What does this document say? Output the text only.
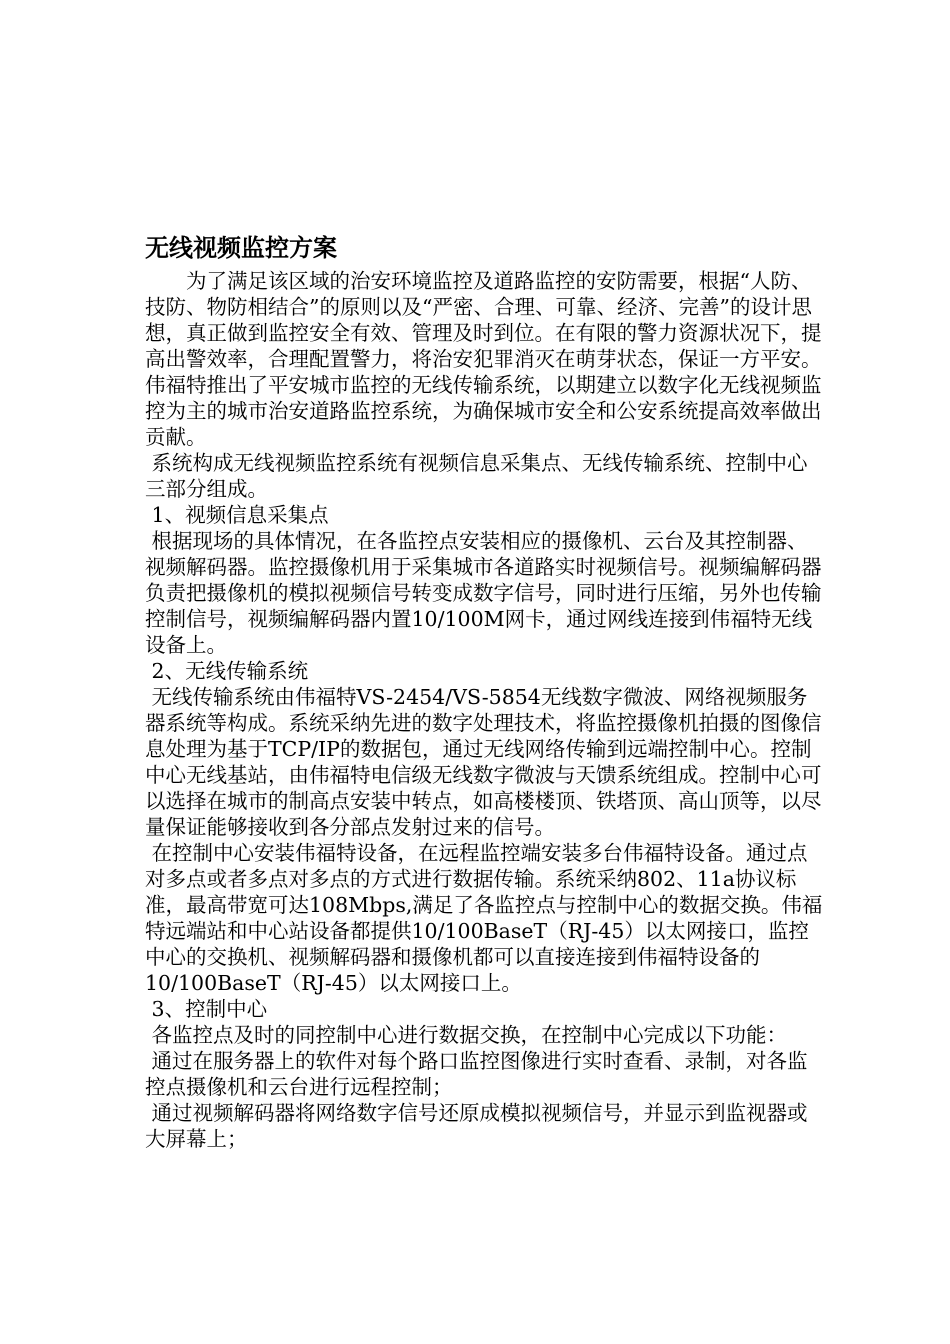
无线视频监控方案
　　为了满足该区域的治安环境监控及道路监控的安防需要，根据“人防、技防、物防相结合”的原则以及“严密、合理、可靠、经济、完善”的设计思想，真正做到监控安全有效、管理及时到位。在有限的警力资源状况下，提高出警效率，合理配置警力，将治安犯罪消灭在萌芽状态，保证一方平安。伟福特推出了平安城市监控的无线传输系统，以期建立以数字化无线视频监控为主的城市治安道路监控系统，为确保城市安全和公安系统提高效率做出贡献。
系统构成无线视频监控系统有视频信息采集点、无线传输系统、控制中心三部分组成。
1、视频信息采集点
根据现场的具体情况，在各监控点安装相应的摄像机、云台及其控制器、视频解码器。监控摄像机用于采集城市各道路实时视频信号。视频编解码器负责把摄像机的模拟视频信号转变成数字信号，同时进行压缩，另外也传输控制信号，视频编解码器内置10/100M网卡，通过网线连接到伟福特无线设备上。
2、无线传输系统
无线传输系统由伟福特VS-2454/VS-5854无线数字微波、网络视频服务器系统等构成。系统采纳先进的数字处理技术，将监控摄像机拍摄的图像信息处理为基于TCP/IP的数据包，通过无线网络传输到远端控制中心。控制中心无线基站，由伟福特电信级无线数字微波与天馈系统组成。控制中心可以选择在城市的制高点安装中转点，如高楼楼顶、铁塔顶、高山顶等，以尽量保证能够接收到各分部点发射过来的信号。
在控制中心安装伟福特设备，在远程监控端安装多台伟福特设备。通过点对多点或者多点对多点的方式进行数据传输。系统采纳802、11a协议标准，最高带宽可达108Mbps,满足了各监控点与控制中心的数据交换。伟福特远端站和中心站设备都提供10/100BaseT（RJ-45）以太网接口，监控中心的交换机、视频解码器和摄像机都可以直接连接到伟福特设备的10/100BaseT（RJ-45）以太网接口上。
3、控制中心
各监控点及时的同控制中心进行数据交换，在控制中心完成以下功能：
通过在服务器上的软件对每个路口监控图像进行实时查看、录制，对各监控点摄像机和云台进行远程控制；
通过视频解码器将网络数字信号还原成模拟视频信号，并显示到监视器或大屏幕上；
